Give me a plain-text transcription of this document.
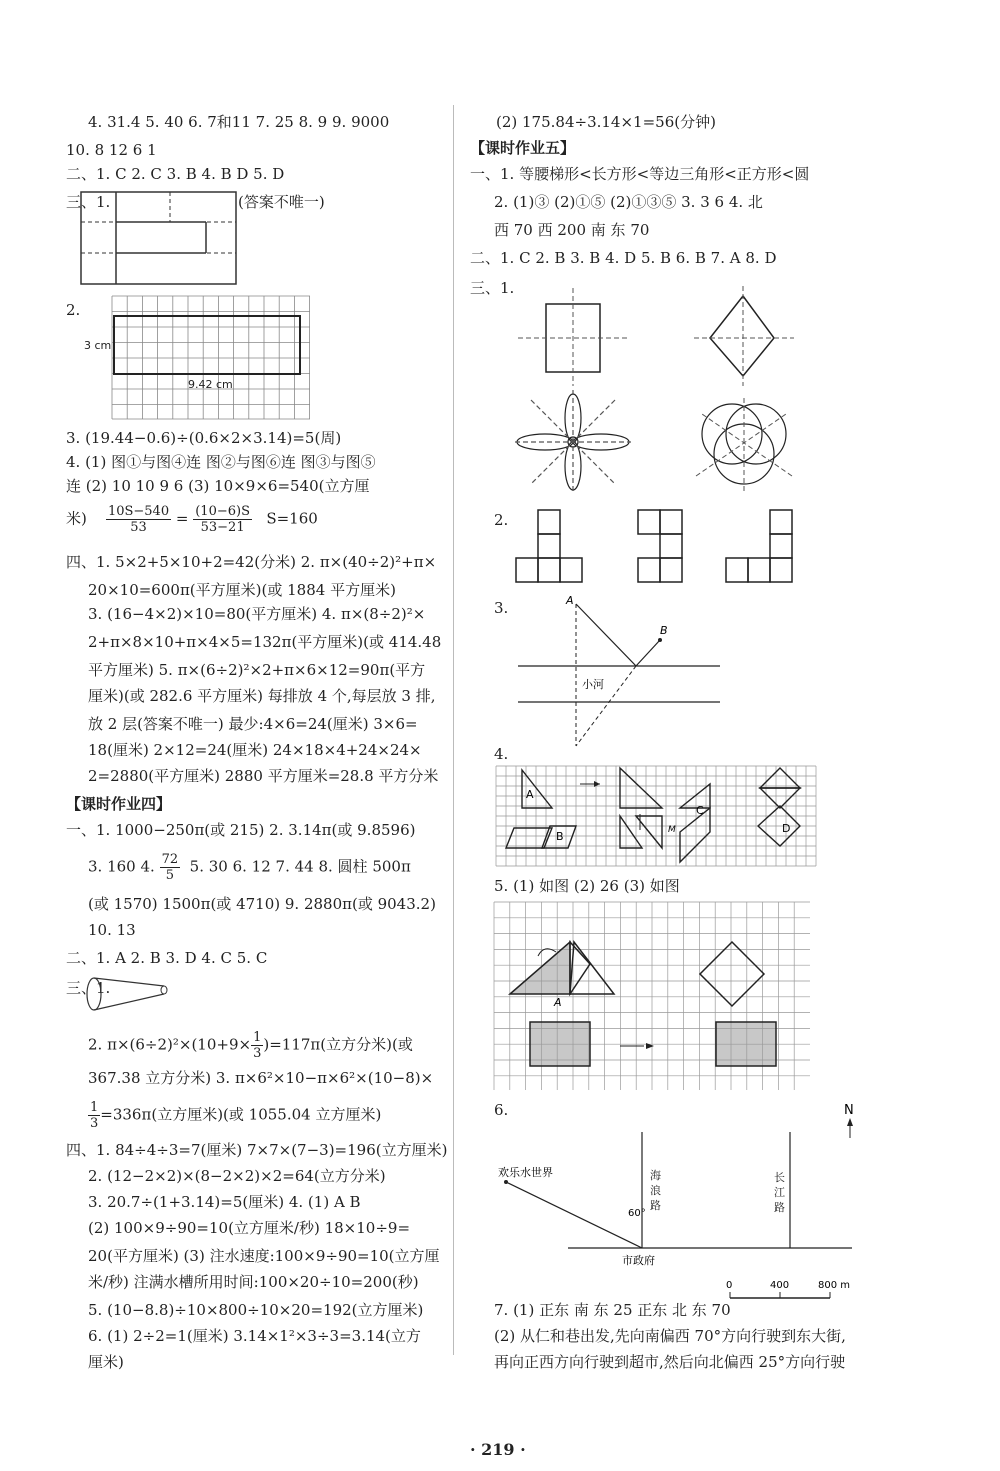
4. 31.4 5. 40 6. 7和11 7. 25 8. 9 9. 9000
10. 8 12 6 1
二、1. C 2. C 3. B 4. B D 5. D
三、1.	(答案不唯一)
2.
9.42 cm
3 cm
3. (19.44−0.6)÷(0.6×2×3.14)=5(周)
4. (1) 图①与图④连 图②与图⑥连 图③与图⑤
连 (2) 10 10 9 6 (3) 10×9×6=540(立方厘
米) $\frac{10S-540}{53} = \frac{(10-6)S}{53-21} S=160$
四、1. 5×2+5×10+2=42(分米) 2. π×(40÷2)²+π×
20×10=600π(平方厘米)(或 1884 平方厘米)
3. (16−4×2)×10=80(平方厘米) 4. π×(8÷2)²×
2+π×8×10+π×4×5=132π(平方厘米)(或 414.48
平方厘米) 5. π×(6÷2)²×2+π×6×12=90π(平方
厘米)(或 282.6 平方厘米) 每排放 4 个,每层放 3 排,
放 2 层(答案不唯一) 最少:4×6=24(厘米) 3×6=
18(厘米) 2×12=24(厘米) 24×18×4+24×24×
2=2880(平方厘米) 2880 平方厘米=28.8 平方分米
【课时作业四】
一、1. 1000−250π(或 215) 2. 3.14π(或 9.8596)
3. 160 4. $\frac{72}{5} 5$. 30 6. 12 7. 44 8. 圆柱 500π
(或 1570) 1500π(或 4710) 9. 2880π(或 9043.2)
10. 13
二、1. A 2. B 3. D 4. C 5. C
三、1.
2. $\pi\times(6\div 2)^2\times(10+9\times \frac{1}{3} )=117\pi$(立方分米)(或
367.38 立方分米) 3. π×6²×10−π×6²×(10−8)×
$\frac{1}{3} =336\pi$(立方厘米)(或 1055.04 立方厘米)
四、1. 84÷4÷3=7(厘米) 7×7×(7−3)=196(立方厘米)
2. (12−2×2)×(8−2×2)×2=64(立方分米)
3. 20.7÷(1+3.14)=5(厘米) 4. (1) A B
(2) 100×9÷90=10(立方厘米/秒) 18×10÷9=
20(平方厘米) (3) 注水速度:100×9÷90=10(立方厘
米/秒) 注满水槽所用时间:100×20÷10=200(秒)
5. (10−8.8)÷10×800÷10×20=192(立方厘米)
6. (1) 2÷2=1(厘米) 3.14×1²×3÷3=3.14(立方
厘米)
(2) 175.84÷3.14×1=56(分钟)
【课时作业五】
一、1. 等腰梯形<长方形<等边三角形<正方形<圆
2. (1)③ (2)①⑤ (2)①③⑤ 3. 3 6 4. 北
西 70 西 200 南 东 70
二、1. C 2. B 3. B 4. D 5. B 6. B 7. A 8. D
三、1.
2.
3.	A
B
小河
4.
A
B
C
D
M
5. (1) 如图 (2) 26 (3) 如图
A
6.	N
欢乐水世界
60°
市政府
0	400	800 m
海浪路
长江路
7. (1) 正东 南 东 25 正东 北 东 70
(2) 从仁和巷出发,先向南偏西 70°方向行驶到东大街,
再向正西方向行驶到超市,然后向北偏西 25°方向行驶
· 219 ·
